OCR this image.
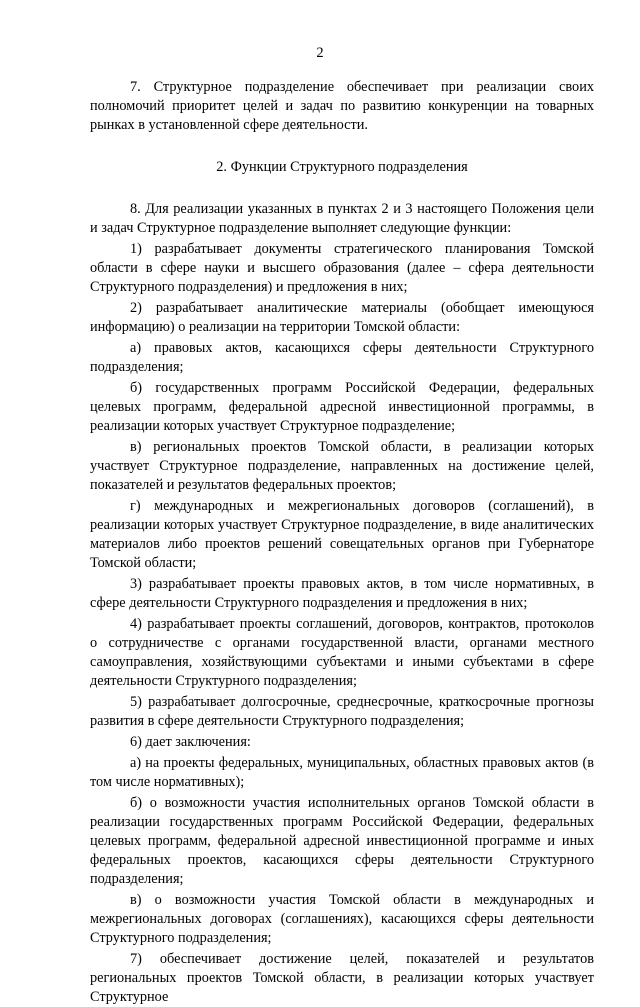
2

7. Структурное подразделение обеспечивает при реализации своих полномочий приоритет целей и задач по развитию конкуренции на товарных рынках в установленной сфере деятельности.

2. Функции Структурного подразделения

8. Для реализации указанных в пунктах 2 и 3 настоящего Положения цели и задач Структурное подразделение выполняет следующие функции:

1) разрабатывает документы стратегического планирования Томской области в сфере науки и высшего образования (далее – сфера деятельности Структурного подразделения) и предложения в них;

2) разрабатывает аналитические материалы (обобщает имеющуюся информацию) о реализации на территории Томской области:

а) правовых актов, касающихся сферы деятельности Структурного подразделения;

б) государственных программ Российской Федерации, федеральных целевых программ, федеральной адресной инвестиционной программы, в реализации которых участвует Структурное подразделение;

в) региональных проектов Томской области, в реализации которых участвует Структурное подразделение, направленных на достижение целей, показателей и результатов федеральных проектов;

г) международных и межрегиональных договоров (соглашений), в реализации которых участвует Структурное подразделение, в виде аналитических материалов либо проектов решений совещательных органов при Губернаторе Томской области;

3) разрабатывает проекты правовых актов, в том числе нормативных, в сфере деятельности Структурного подразделения и предложения в них;

4) разрабатывает проекты соглашений, договоров, контрактов, протоколов о сотрудничестве с органами государственной власти, органами местного самоуправления, хозяйствующими субъектами и иными субъектами в сфере деятельности Структурного подразделения;

5) разрабатывает долгосрочные, среднесрочные, краткосрочные прогнозы развития в сфере деятельности Структурного подразделения;

6) дает заключения:

а) на проекты федеральных, муниципальных, областных правовых актов (в том числе нормативных);

б) о возможности участия исполнительных органов Томской области в реализации государственных программ Российской Федерации, федеральных целевых программ, федеральной адресной инвестиционной программе и иных федеральных проектов, касающихся сферы деятельности Структурного подразделения;

в) о возможности участия Томской области в международных и межрегиональных договорах (соглашениях), касающихся сферы деятельности Структурного подразделения;

7) обеспечивает достижение целей, показателей и результатов региональных проектов Томской области, в реализации которых участвует Структурное
